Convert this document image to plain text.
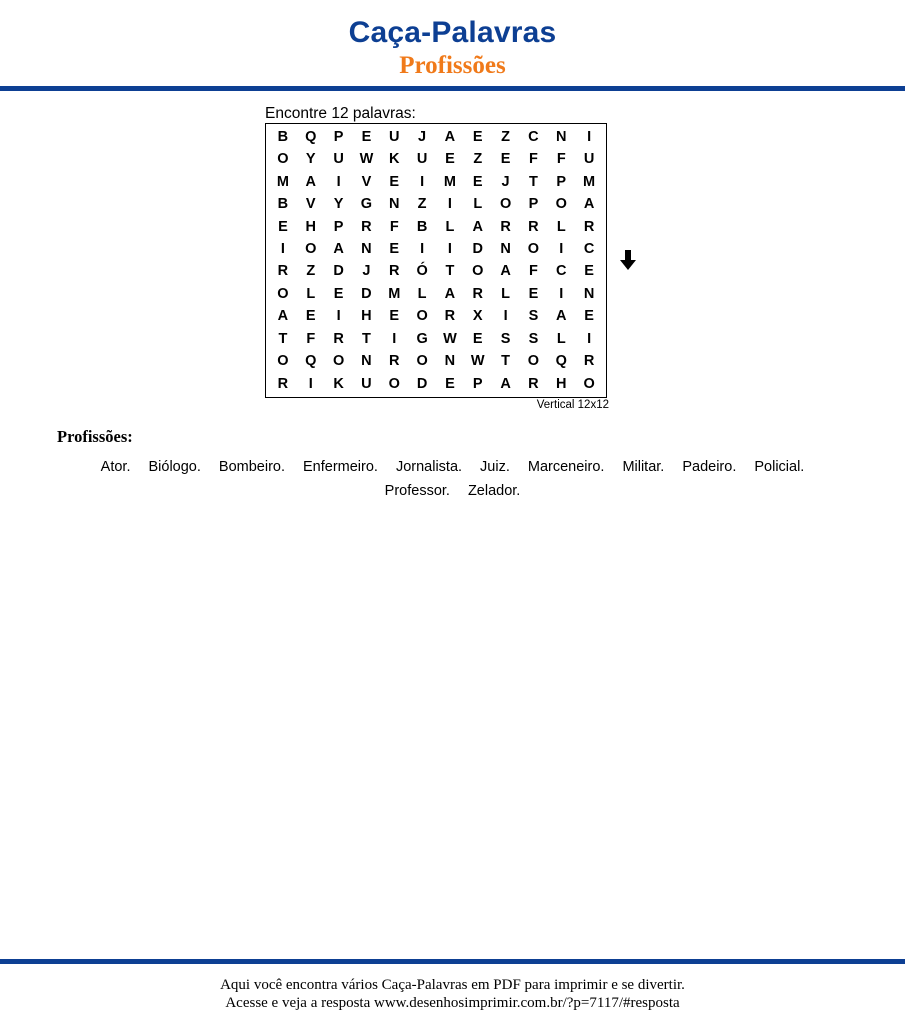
Caça-Palavras
Profissões
Encontre 12 palavras:
B	Q	P	E	U	J	A	E	Z	C	N	I
O	Y	U	W	K	U	E	Z	E	F	F	U
M	A	I	V	E	I	M	E	J	T	P	M
B	V	Y	G	N	Z	I	L	O	P	O	A
E	H	P	R	F	B	L	A	R	R	L	R
I	O	A	N	E	I	I	D	N	O	I	C
R	Z	D	J	R	Ó	T	O	A	F	C	E
O	L	E	D	M	L	A	R	L	E	I	N
A	E	I	H	E	O	R	X	I	S	A	E
T	F	R	T	I	G	W	E	S	S	L	I
O	Q	O	N	R	O	N	W	T	O	Q	R
R	I	K	U	O	D	E	P	A	R	H	O
Vertical 12x12
Profissões:
Ator. Biólogo. Bombeiro. Enfermeiro. Jornalista. Juiz. Marceneiro. Militar. Padeiro. Policial.Professor. Zelador.
Aqui você encontra vários Caça-Palavras em PDF para imprimir e se divertir.
Acesse e veja a resposta www.desenhosimprimir.com.br/?p=7117/#resposta
